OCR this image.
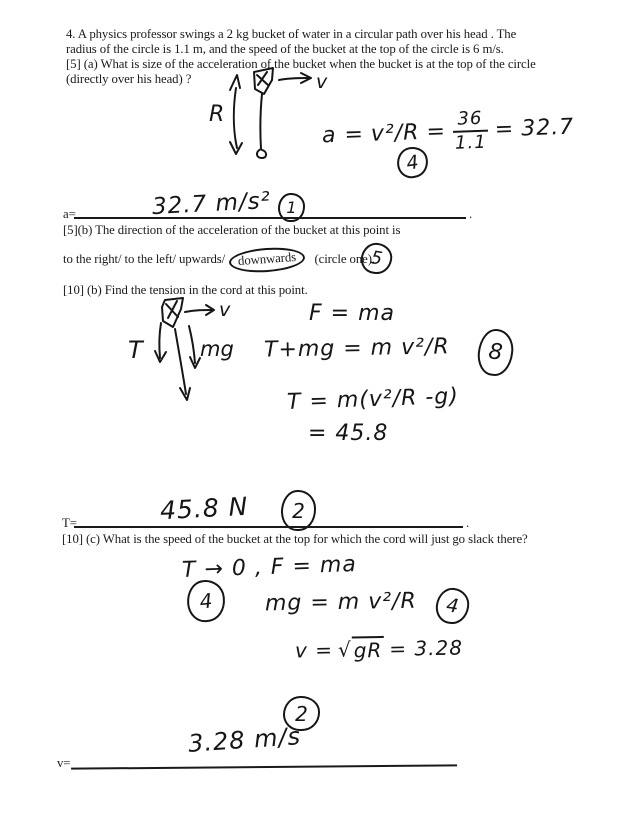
4. A physics professor swings a 2 kg bucket of water in a circular path over his head . The
radius of the circle is 1.1 m, and the speed of the bucket at the top of the circle is 6 m/s.
[5] (a) What is size of the acceleration of the bucket when the bucket is at the top of the circle
(directly over his head) ?
R
v
$a = v^2/R = \frac{36}{1.1} = 32.7$
4
32.7 m/s² 1
a=	.
[5](b) The direction of the acceleration of the bucket at this point is
to the right/ to the left/ upwards/ downwards (circle one).
5
[10] (b) Find the tension in the cord at this point.
v
T	mg
F = ma
T+mg = m v²/R 8
T = m(v²/R -g)
= 45.8
45.8 N 2
T=	.
[10] (c) What is the speed of the bucket at the top for which the cord will just go slack there?
T → 0 , F = ma
4 mg = m v²/R 4
v = √ gR = 3.28
2
3.28 m/s
v=
